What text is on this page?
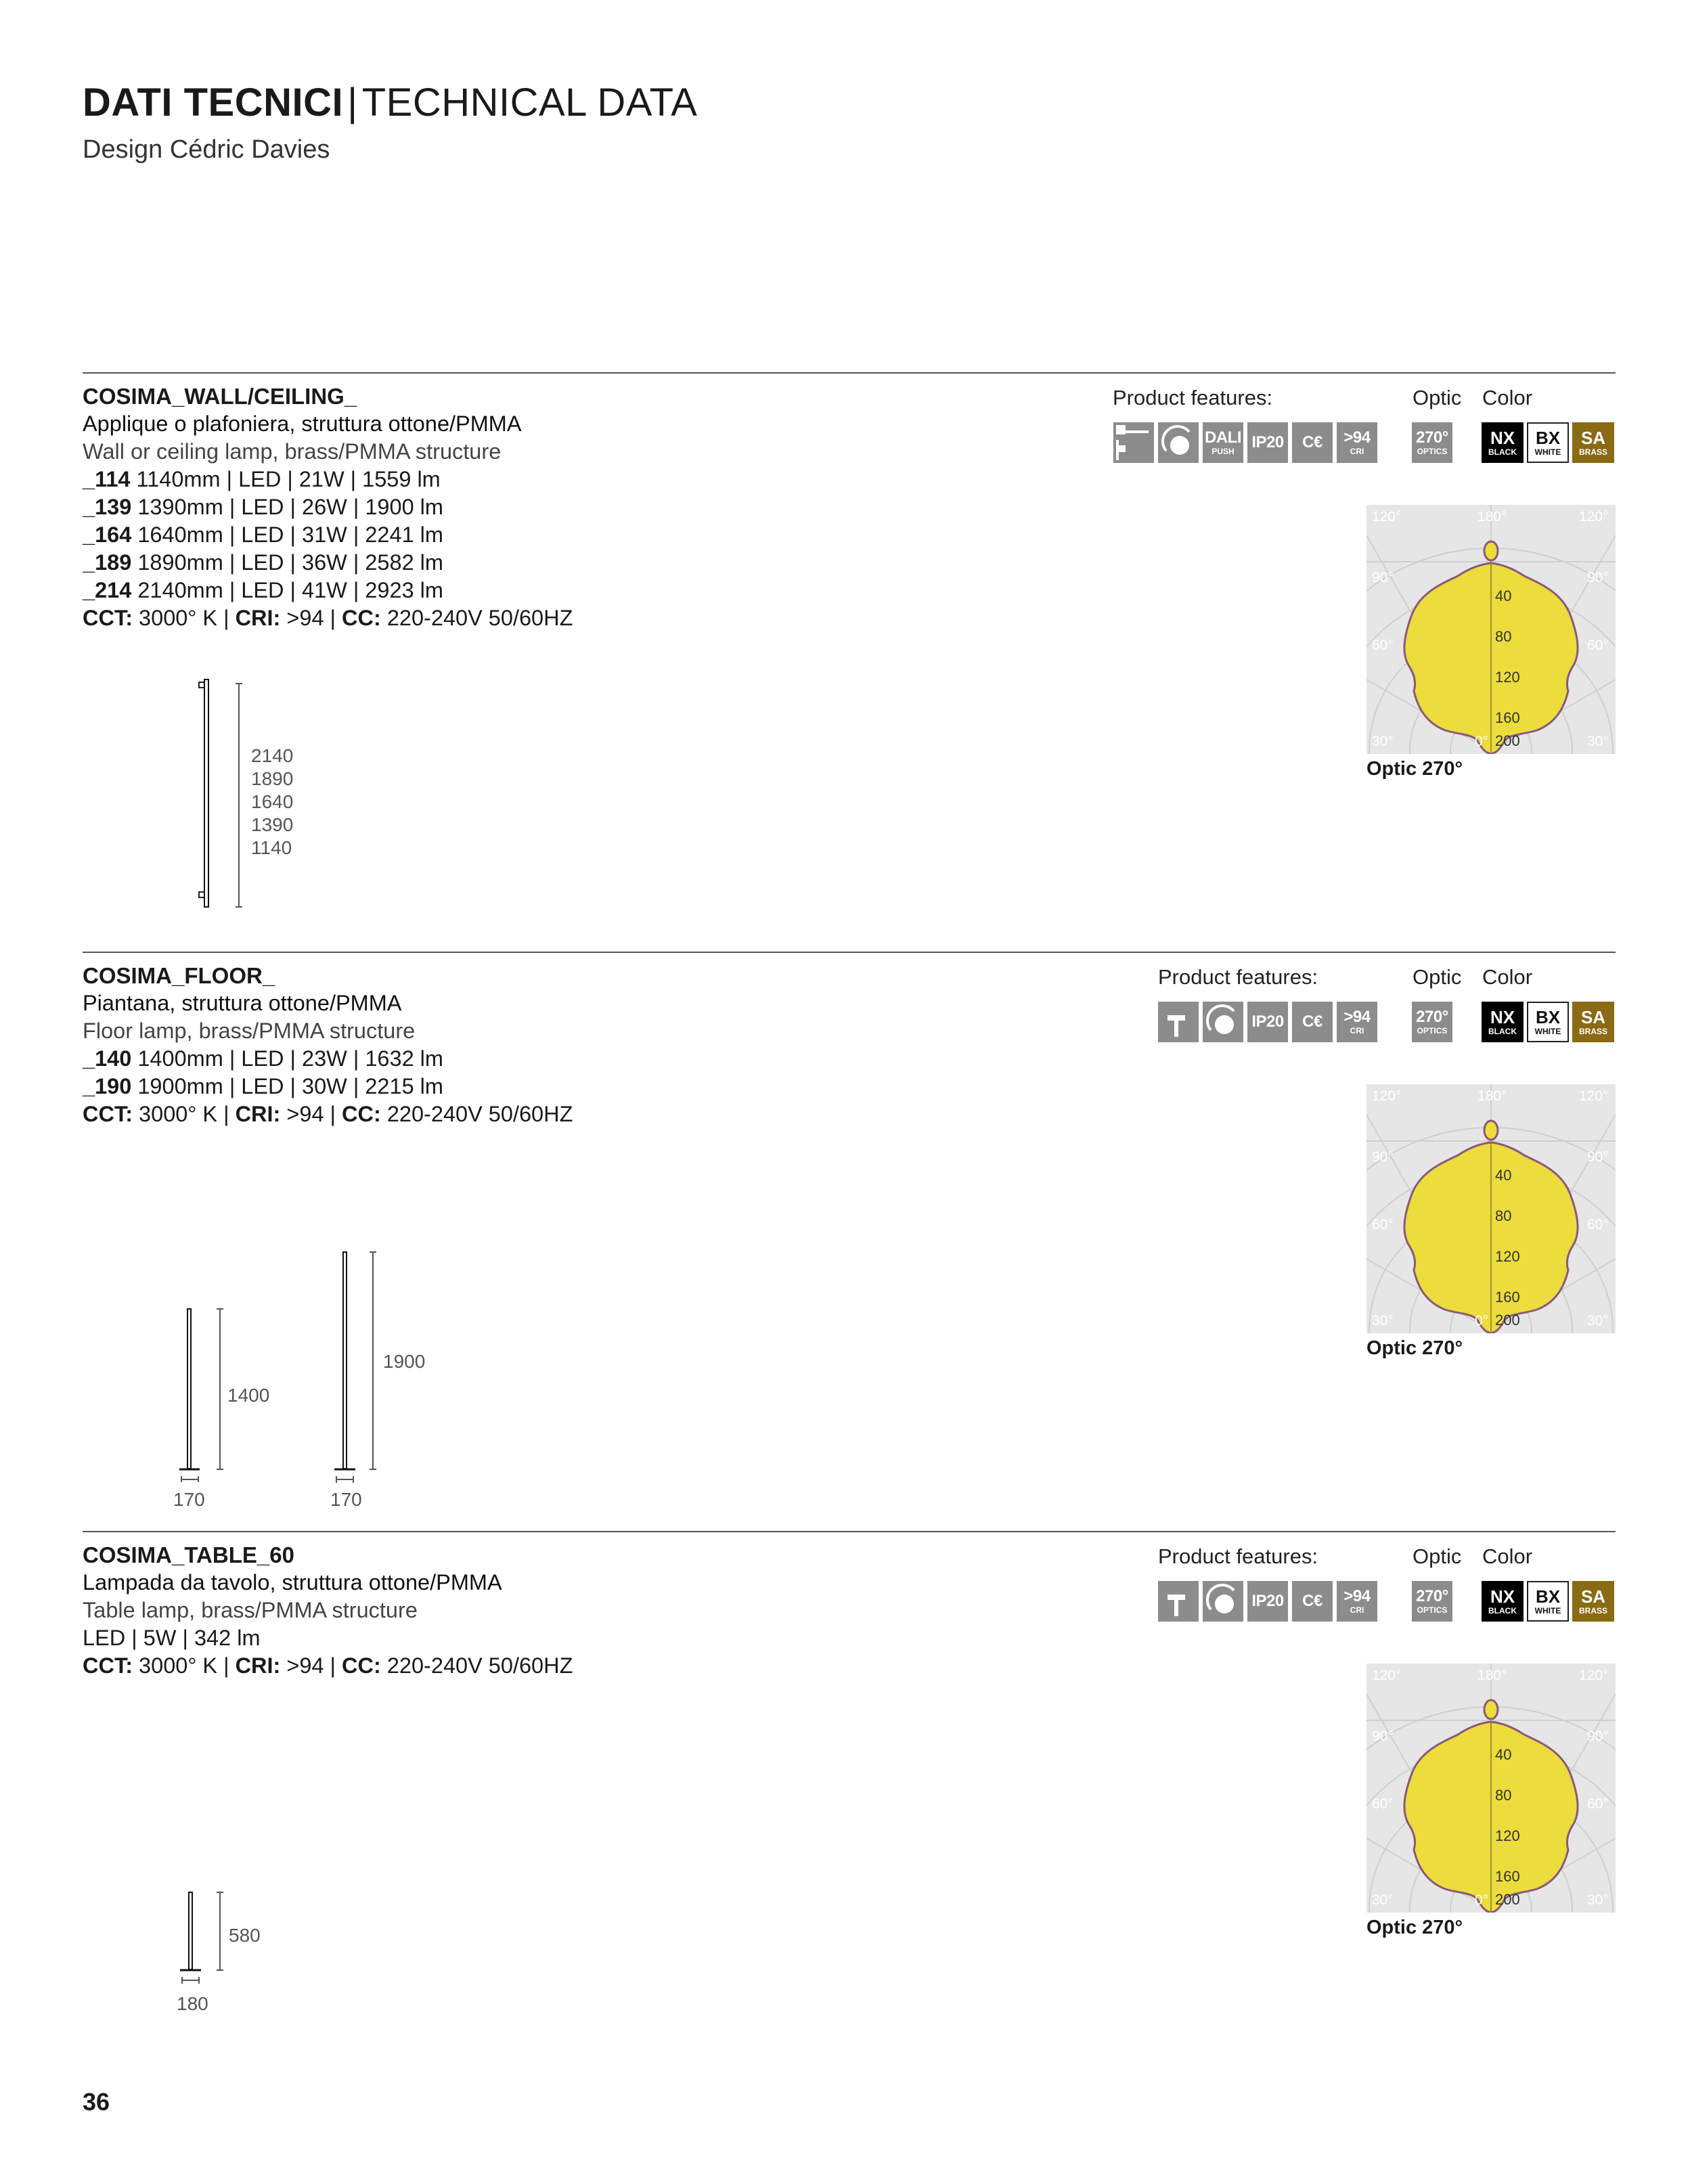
DATI TECNICI | TECHNICAL DATA
Design Cédric Davies
COSIMA_WALL/CEILING_
Applique o plafoniera, struttura ottone/PMMA
Wall or ceiling lamp, brass/PMMA structure
_114 1140mm | LED | 21W | 1559 lm
_139 1390mm | LED | 26W | 1900 lm
_164 1640mm | LED | 31W | 2241 lm
_189 1890mm | LED | 36W | 2582 lm
_214 2140mm | LED | 41W | 2923 lm
CCT: 3000° K | CRI: >94 | CC: 220-240V 50/60HZ
Product features:	Optic Color
DALI
PUSH IP20 C€ >94
CRI
270°
OPTICS
NX
BLACK
BX
WHITE
SA
BRASS
120°	180°	120°
90°	90°
60°	60°
30°	0°	30°
40
80
120
160
200
Optic 270°
2140
1890
1640
1390
1140
COSIMA_FLOOR_
Piantana, struttura ottone/PMMA
Floor lamp, brass/PMMA structure
_140 1400mm | LED | 23W | 1632 lm
_190 1900mm | LED | 30W | 2215 lm
CCT: 3000° K | CRI: >94 | CC: 220-240V 50/60HZ
Product features:	Optic Color
IP20 C€ >94
CRI
270°
OPTICS
NX
BLACK
BX
WHITE
SA
BRASS
120°	180°	120°
90°	90°
60°	60°
30°	0°	30°
40
80
120
160
200
Optic 270°
1400
170
1900
170
COSIMA_TABLE_60
Lampada da tavolo, struttura ottone/PMMA
Table lamp, brass/PMMA structure
LED | 5W | 342 lm
CCT: 3000° K | CRI: >94 | CC: 220-240V 50/60HZ
Product features:	Optic Color
IP20 C€ >94
CRI
270°
OPTICS
NX
BLACK
BX
WHITE
SA
BRASS
120°	180°	120°
90°	90°
60°	60°
30°	0°	30°
40
80
120
160
200
Optic 270°
580
180
36
